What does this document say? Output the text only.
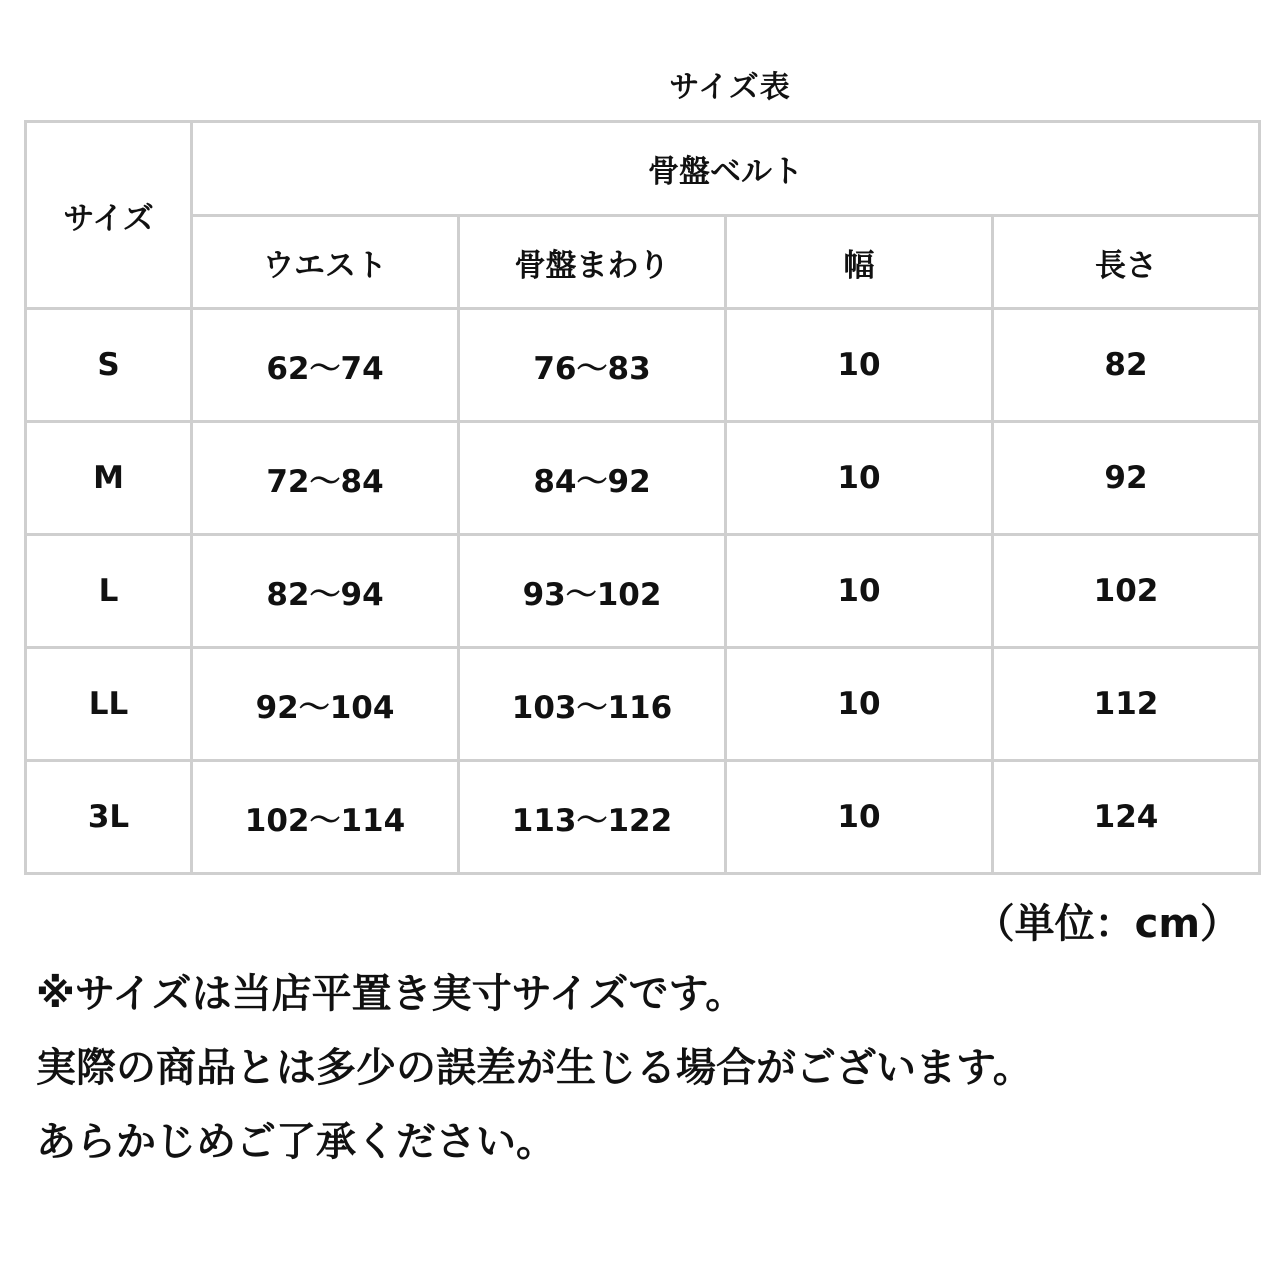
サイズ表
サイズ	骨盤ベルト			
	ウエスト	骨盤まわり	幅	長さ
S	62～74	76～83	10	82
M	72～84	84～92	10	92
L	82～94	93～102	10	102
LL	92～104	103～116	10	112
3L	102～114	113～122	10	124
（単位：cm）
※サイズは当店平置き実寸サイズです。
実際の商品とは多少の誤差が生じる場合がございます。
あらかじめご了承ください。
